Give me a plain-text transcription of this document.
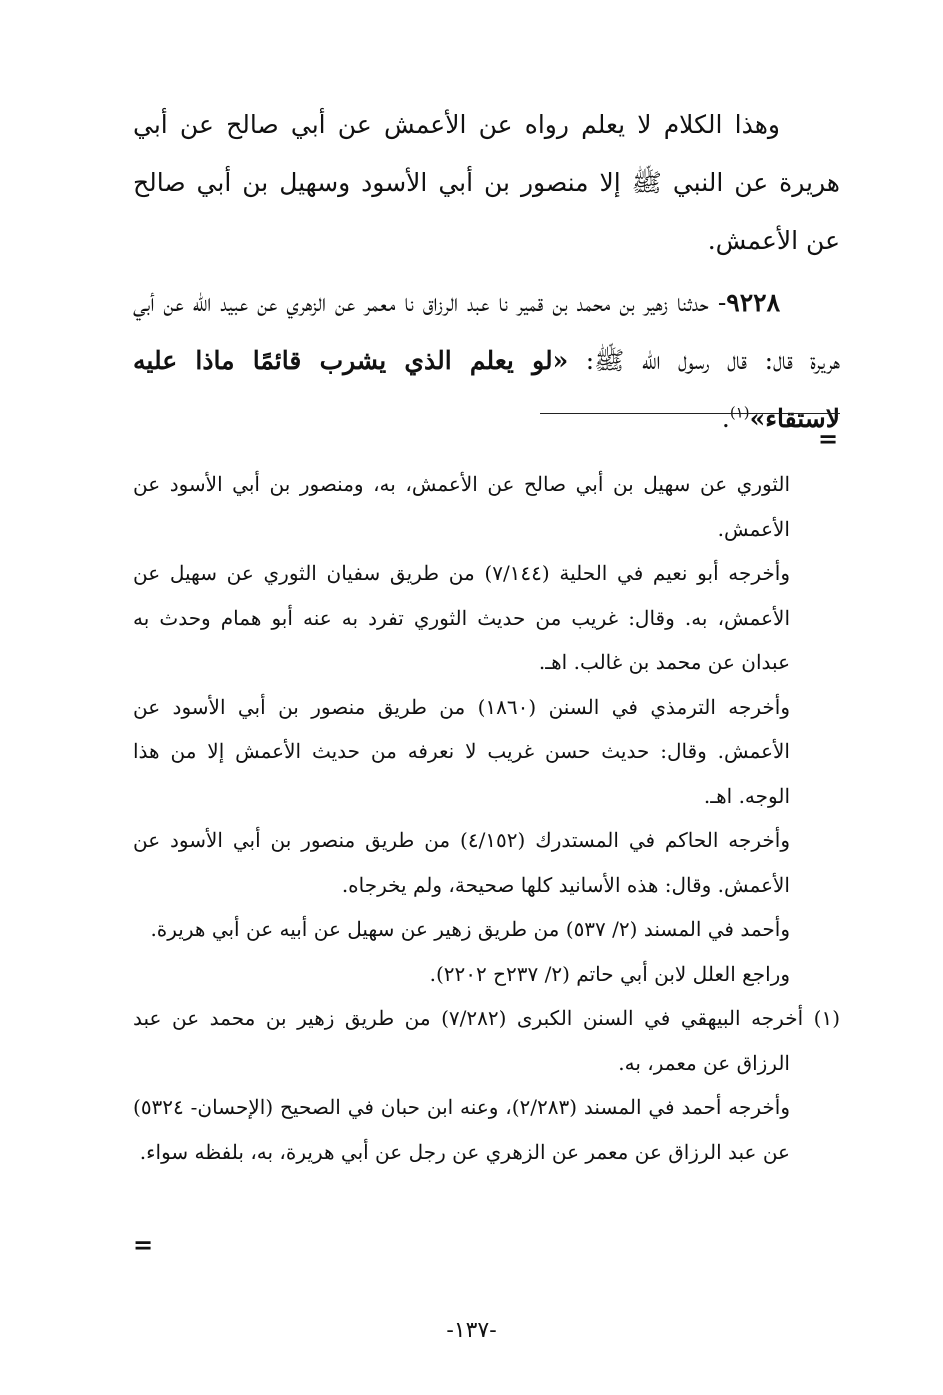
وهذا الكلام لا يعلم رواه عن الأعمش عن أبي صالح عن أبي هريرة عن النبي ﷺ إلا منصور بن أبي الأسود وسهيل بن أبي صالح عن الأعمش.

٩٢٢٨- حدثنا زهير بن محمد بن قمير نا عبد الرزاق نا معمر عن الزهري عن عبيد الله عن أبي هريرة قال: قال رسول الله ﷺ: «لو يعلم الذي يشرب قائمًا ماذا عليه لاستقاء»$^{(١)}$.

=

الثوري عن سهيل بن أبي صالح عن الأعمش، به، ومنصور بن أبي الأسود عن الأعمش.

وأخرجه أبو نعيم في الحلية (٧/١٤٤) من طريق سفيان الثوري عن سهيل عن الأعمش، به. وقال: غريب من حديث الثوري تفرد به عنه أبو همام وحدث به عبدان عن محمد بن غالب. اهـ.

وأخرجه الترمذي في السنن (١٨٦٠) من طريق منصور بن أبي الأسود عن الأعمش. وقال: حديث حسن غريب لا نعرفه من حديث الأعمش إلا من هذا الوجه. اهـ.

وأخرجه الحاكم في المستدرك (٤/١٥٢) من طريق منصور بن أبي الأسود عن الأعمش. وقال: هذه الأسانيد كلها صحيحة، ولم يخرجاه.

وأحمد في المسند (٢/ ٥٣٧) من طريق زهير عن سهيل عن أبيه عن أبي هريرة.

وراجع العلل لابن أبي حاتم (٢/ ٢٣٧ح ٢٢٠٢).

(١) أخرجه البيهقي في السنن الكبرى (٧/٢٨٢) من طريق زهير بن محمد عن عبد الرزاق عن معمر، به.

وأخرجه أحمد في المسند (٢/٢٨٣)، وعنه ابن حبان في الصحيح (الإحسان- ٥٣٢٤) عن عبد الرزاق عن معمر عن الزهري عن رجل عن أبي هريرة، به، بلفظه سواء.

=
-١٣٧-
